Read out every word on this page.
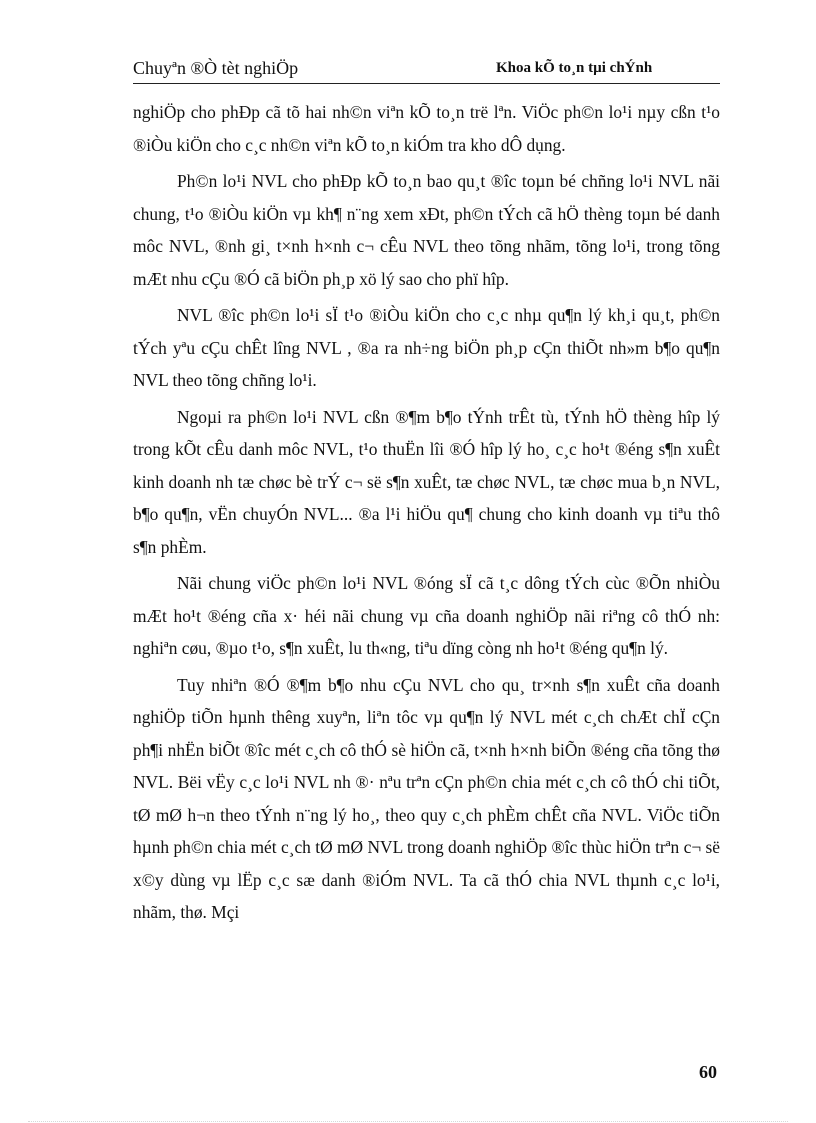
Chuyªn ®Ò tèt nghiÖp	Khoa kÕ to¸n tµi chÝnh

nghiÖp cho phÐp cã tõ hai nh©n viªn kÕ to¸n trë lªn. ViÖc ph©n lo¹i nµy cßn t¹o ®iÒu kiÖn cho c¸c nh©n viªn kÕ to¸n kiÓm tra kho dÔ dụng.

Ph©n lo¹i NVL cho phÐp kÕ to¸n bao qu¸t ®îc toµn bé chñng lo¹i NVL nãi chung, t¹o ®iÒu kiÖn vµ kh¶ n¨ng xem xÐt, ph©n tÝch cã hÖ thèng toµn bé danh môc NVL, ®nh gi¸ t×nh h×nh c¬ cÊu NVL theo tõng nhãm, tõng lo¹i, trong tõng mÆt nhu cÇu ®Ó cã biÖn ph¸p xö lý sao cho phï hîp.

NVL ®îc ph©n lo¹i sÏ t¹o ®iÒu kiÖn cho c¸c nhµ qu¶n lý kh¸i qu¸t, ph©n tÝch yªu cÇu chÊt lîng NVL , ®a ra nh÷ng biÖn ph¸p cÇn thiÕt nh»m b¶o qu¶n NVL theo tõng chñng lo¹i.

Ngoµi ra ph©n lo¹i NVL cßn ®¶m b¶o tÝnh trÊt tù, tÝnh hÖ thèng hîp lý trong kÕt cÊu danh môc NVL, t¹o thuËn lîi ®Ó hîp lý ho¸ c¸c ho¹t ®éng s¶n xuÊt kinh doanh nh tæ chøc bè trÝ c¬ së s¶n xuÊt, tæ chøc NVL, tæ chøc mua b¸n NVL, b¶o qu¶n, vËn chuyÓn NVL... ®a l¹i hiÖu qu¶ chung cho kinh doanh vµ tiªu thô s¶n phÈm.

Nãi chung viÖc ph©n lo¹i NVL ®óng sÏ cã t¸c dông tÝch cùc ®Õn nhiÒu mÆt ho¹t ®éng cña x· héi nãi chung vµ cña doanh nghiÖp nãi riªng cô thÓ nh: nghiªn cøu, ®µo t¹o, s¶n xuÊt, lu th«ng, tiªu dïng còng nh ho¹t ®éng qu¶n lý.

Tuy nhiªn ®Ó ®¶m b¶o nhu cÇu NVL cho qu¸ tr×nh s¶n xuÊt cña doanh nghiÖp tiÕn hµnh thêng xuyªn, liªn tôc vµ qu¶n lý NVL mét c¸ch chÆt chÏ cÇn ph¶i nhËn biÕt ®îc mét c¸ch cô thÓ sè hiÖn cã, t×nh h×nh biÕn ®éng cña tõng thø NVL. Bëi vËy c¸c lo¹i NVL nh ®· nªu trªn cÇn ph©n chia mét c¸ch cô thÓ chi tiÕt, tØ mØ h¬n theo tÝnh n¨ng lý ho¸, theo quy c¸ch phÈm chÊt cña NVL. ViÖc tiÕn hµnh ph©n chia mét c¸ch tØ mØ NVL trong doanh nghiÖp ®îc thùc hiÖn trªn c¬ së x©y dùng vµ lËp c¸c sæ danh ®iÓm NVL. Ta cã thÓ chia NVL thµnh c¸c lo¹i, nhãm, thø. Mçi

60
